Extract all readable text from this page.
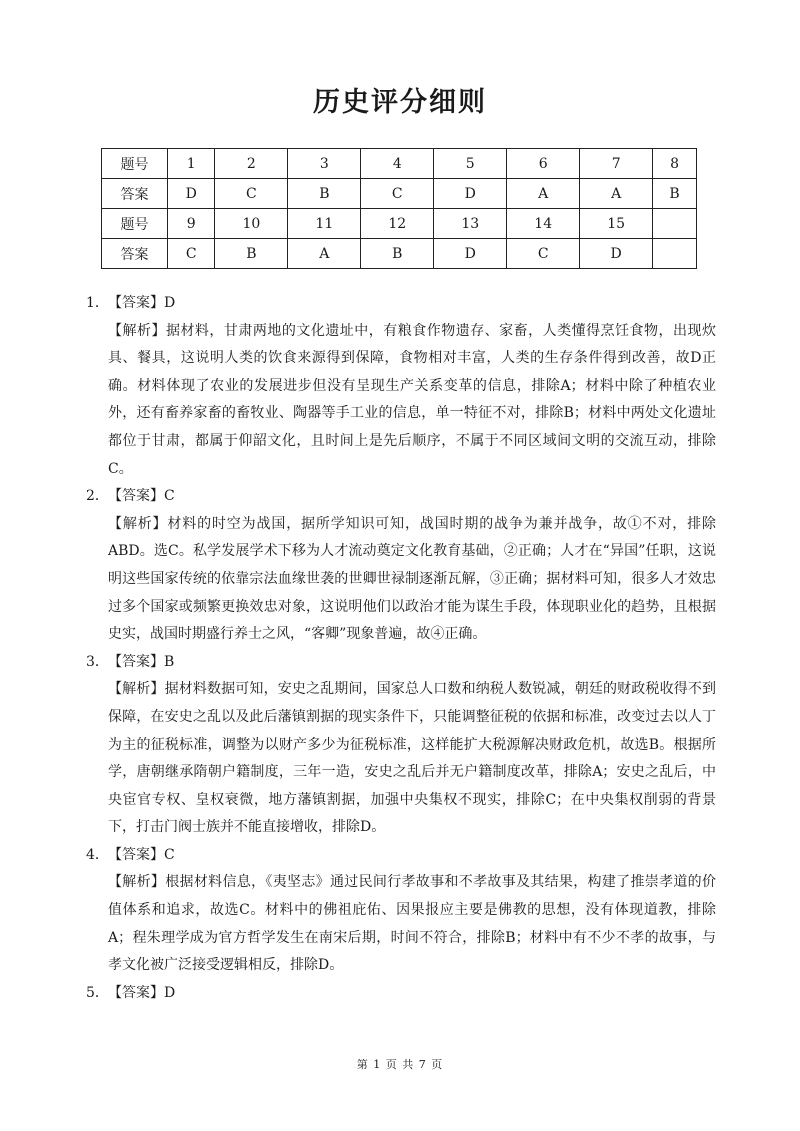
历史评分细则
题号	1	2	3	4	5	6	7	8
答案	D	C	B	C	D	A	A	B
题号	9	10	11	12	13	14	15	
答案	C	B	A	B	D	C	D	

1．【答案】D

【解析】据材料，甘肃两地的文化遗址中，有粮食作物遗存、家畜，人类懂得烹饪食物，出现炊具、餐具，这说明人类的饮食来源得到保障，食物相对丰富，人类的生存条件得到改善，故D正确。材料体现了农业的发展进步但没有呈现生产关系变革的信息，排除A；材料中除了种植农业外，还有畜养家畜的畜牧业、陶器等手工业的信息，单一特征不对，排除B；材料中两处文化遗址都位于甘肃，都属于仰韶文化，且时间上是先后顺序，不属于不同区域间文明的交流互动，排除C。

2．【答案】C

【解析】材料的时空为战国，据所学知识可知，战国时期的战争为兼并战争，故①不对，排除ABD。选C。私学发展学术下移为人才流动奠定文化教育基础，②正确；人才在“异国”任职，这说明这些国家传统的依靠宗法血缘世袭的世卿世禄制逐渐瓦解，③正确；据材料可知，很多人才效忠过多个国家或频繁更换效忠对象，这说明他们以政治才能为谋生手段，体现职业化的趋势，且根据史实，战国时期盛行养士之风，“客卿”现象普遍，故④正确。

3．【答案】B

【解析】据材料数据可知，安史之乱期间，国家总人口数和纳税人数锐减，朝廷的财政税收得不到保障，在安史之乱以及此后藩镇割据的现实条件下，只能调整征税的依据和标准，改变过去以人丁为主的征税标准，调整为以财产多少为征税标准，这样能扩大税源解决财政危机，故选B。根据所学，唐朝继承隋朝户籍制度，三年一造，安史之乱后并无户籍制度改革，排除A；安史之乱后，中央宦官专权、皇权衰微，地方藩镇割据，加强中央集权不现实，排除C；在中央集权削弱的背景下，打击门阀士族并不能直接增收，排除D。

4．【答案】C

【解析】根据材料信息，《夷坚志》通过民间行孝故事和不孝故事及其结果，构建了推崇孝道的价值体系和追求，故选C。材料中的佛祖庇佑、因果报应主要是佛教的思想，没有体现道教，排除A；程朱理学成为官方哲学发生在南宋后期，时间不符合，排除B；材料中有不少不孝的故事，与孝文化被广泛接受逻辑相反，排除D。

5．【答案】D

第 1 页 共 7 页
